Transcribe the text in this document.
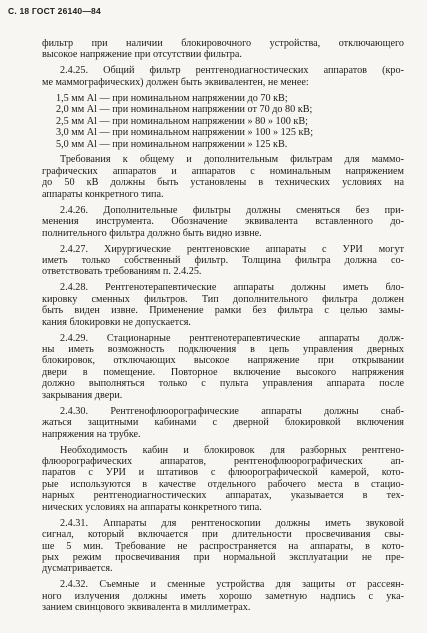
С. 18 ГОСТ 26140—84
фильтр при наличии блокировочного устройства, отключающего
высокое напряжение при отсутствии фильтра.
2.4.25. Общий фильтр рентгенодиагностических аппаратов (кро-
ме маммографических) должен быть эквивалентен, не менее:
1,5 мм Al — при номинальном напряжении до 70 кВ;
2,0 мм Al — при номинальном напряжении от 70 до 80 кВ;
2,5 мм Al — при номинальном напряжении » 80 » 100 кВ;
3,0 мм Al — при номинальном напряжении » 100 » 125 кВ;
5,0 мм Al — при номинальном напряжении » 125 кВ.
Требования к общему и дополнительным фильтрам для маммо-
графических аппаратов и аппаратов с номинальным напряжением
до 50 кВ должны быть установлены в технических условиях на
аппараты конкретного типа.
2.4.26. Дополнительные фильтры должны сменяться без при-
менения инструмента. Обозначение эквивалента вставленного до-
полнительного фильтра должно быть видно извне.
2.4.27. Хирургические рентгеновские аппараты с УРИ могут
иметь только собственный фильтр. Толщина фильтра должна со-
ответствовать требованиям п. 2.4.25.
2.4.28. Рентгенотерапевтические аппараты должны иметь бло-
кировку сменных фильтров. Тип дополнительного фильтра должен
быть виден извне. Применение рамки без фильтра с целью замы-
кания блокировки не допускается.
2.4.29. Стационарные рентгенотерапевтические аппараты долж-
ны иметь возможность подключения в цепь управления дверных
блокировок, отключающих высокое напряжение при открывании
двери в помещение. Повторное включение высокого напряжения
должно выполняться только с пульта управления аппарата после
закрывания двери.
2.4.30. Рентгенофлюорографические аппараты должны снаб-
жаться защитными кабинами с дверной блокировкой включения
напряжения на трубке.
Необходимость кабин и блокировок для разборных рентгено-
флюорографических аппаратов, рентгенофлюорографических ап-
паратов с УРИ и штативов с флюорографической камерой, кото-
рые используются в качестве отдельного рабочего места в стацио-
нарных рентгенодиагностических аппаратах, указывается в тех-
нических условиях на аппараты конкретного типа.
2.4.31. Аппараты для рентгеноскопии должны иметь звуковой
сигнал, который включается при длительности просвечивания свы-
ше 5 мин. Требование не распространяется на аппараты, в кото-
рых режим просвечивания при нормальной эксплуатации не пре-
дусматривается.
2.4.32. Съемные и сменные устройства для защиты от рассеян-
ного излучения должны иметь хорошо заметную надпись с ука-
занием свинцового эквивалента в миллиметрах.
